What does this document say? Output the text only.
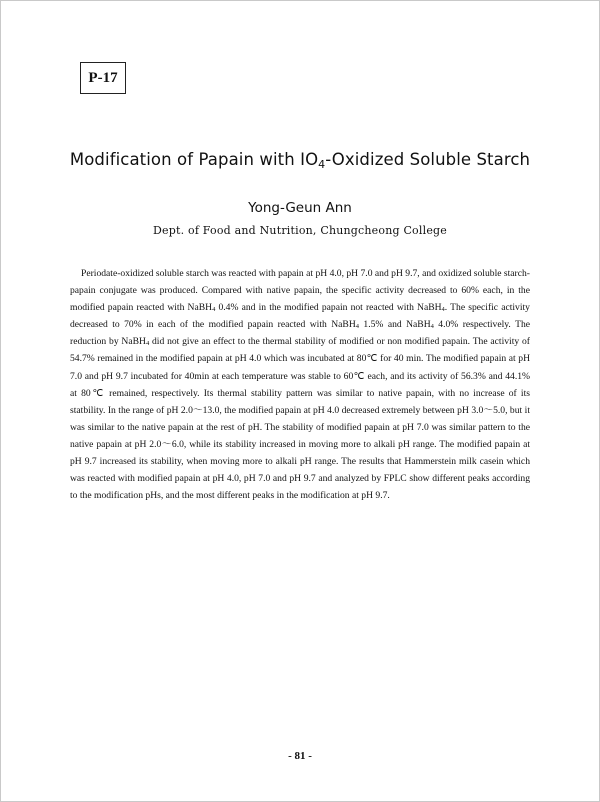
P-17
Modification of Papain with $IO_4$-Oxidized Soluble Starch
Yong-Geun Ann
Dept. of Food and Nutrition, Chungcheong College

Periodate-oxidized soluble starch was reacted with papain at pH 4.0, pH 7.0 and pH 9.7, and oxidized soluble starch-papain conjugate was produced. Compared with native papain, the specific activity decreased to 60% each, in the modified papain reacted with NaBH$_4$ 0.4% and in the modified papain not reacted with NaBH$_4$. The specific activity decreased to 70% in each of the modified papain reacted with NaBH$_4$ 1.5% and NaBH$_4$ 4.0% respectively. The reduction by NaBH$_4$ did not give an effect to the thermal stability of modified or non modified papain. The activity of 54.7% remained in the modified papain at pH 4.0 which was incubated at 80℃ for 40 min. The modified papain at pH 7.0 and pH 9.7 incubated for 40min at each temperature was stable to 60℃ each, and its activity of 56.3% and 44.1% at 80℃ remained, respectively. Its thermal stability pattern was similar to native papain, with no increase of its statbility. In the range of pH 2.0～13.0, the modified papain at pH 4.0 decreased extremely between pH 3.0～5.0, but it was similar to the native papain at the rest of pH. The stability of modified papain at pH 7.0 was similar pattern to the native papain at pH 2.0～6.0, while its stability increased in moving more to alkali pH range. The modified papain at pH 9.7 increased its stability, when moving more to alkali pH range. The results that Hammerstein milk casein which was reacted with modified papain at pH 4.0, pH 7.0 and pH 9.7 and analyzed by FPLC show different peaks according to the modification pHs, and the most different peaks in the modification at pH 9.7.

- 81 -
